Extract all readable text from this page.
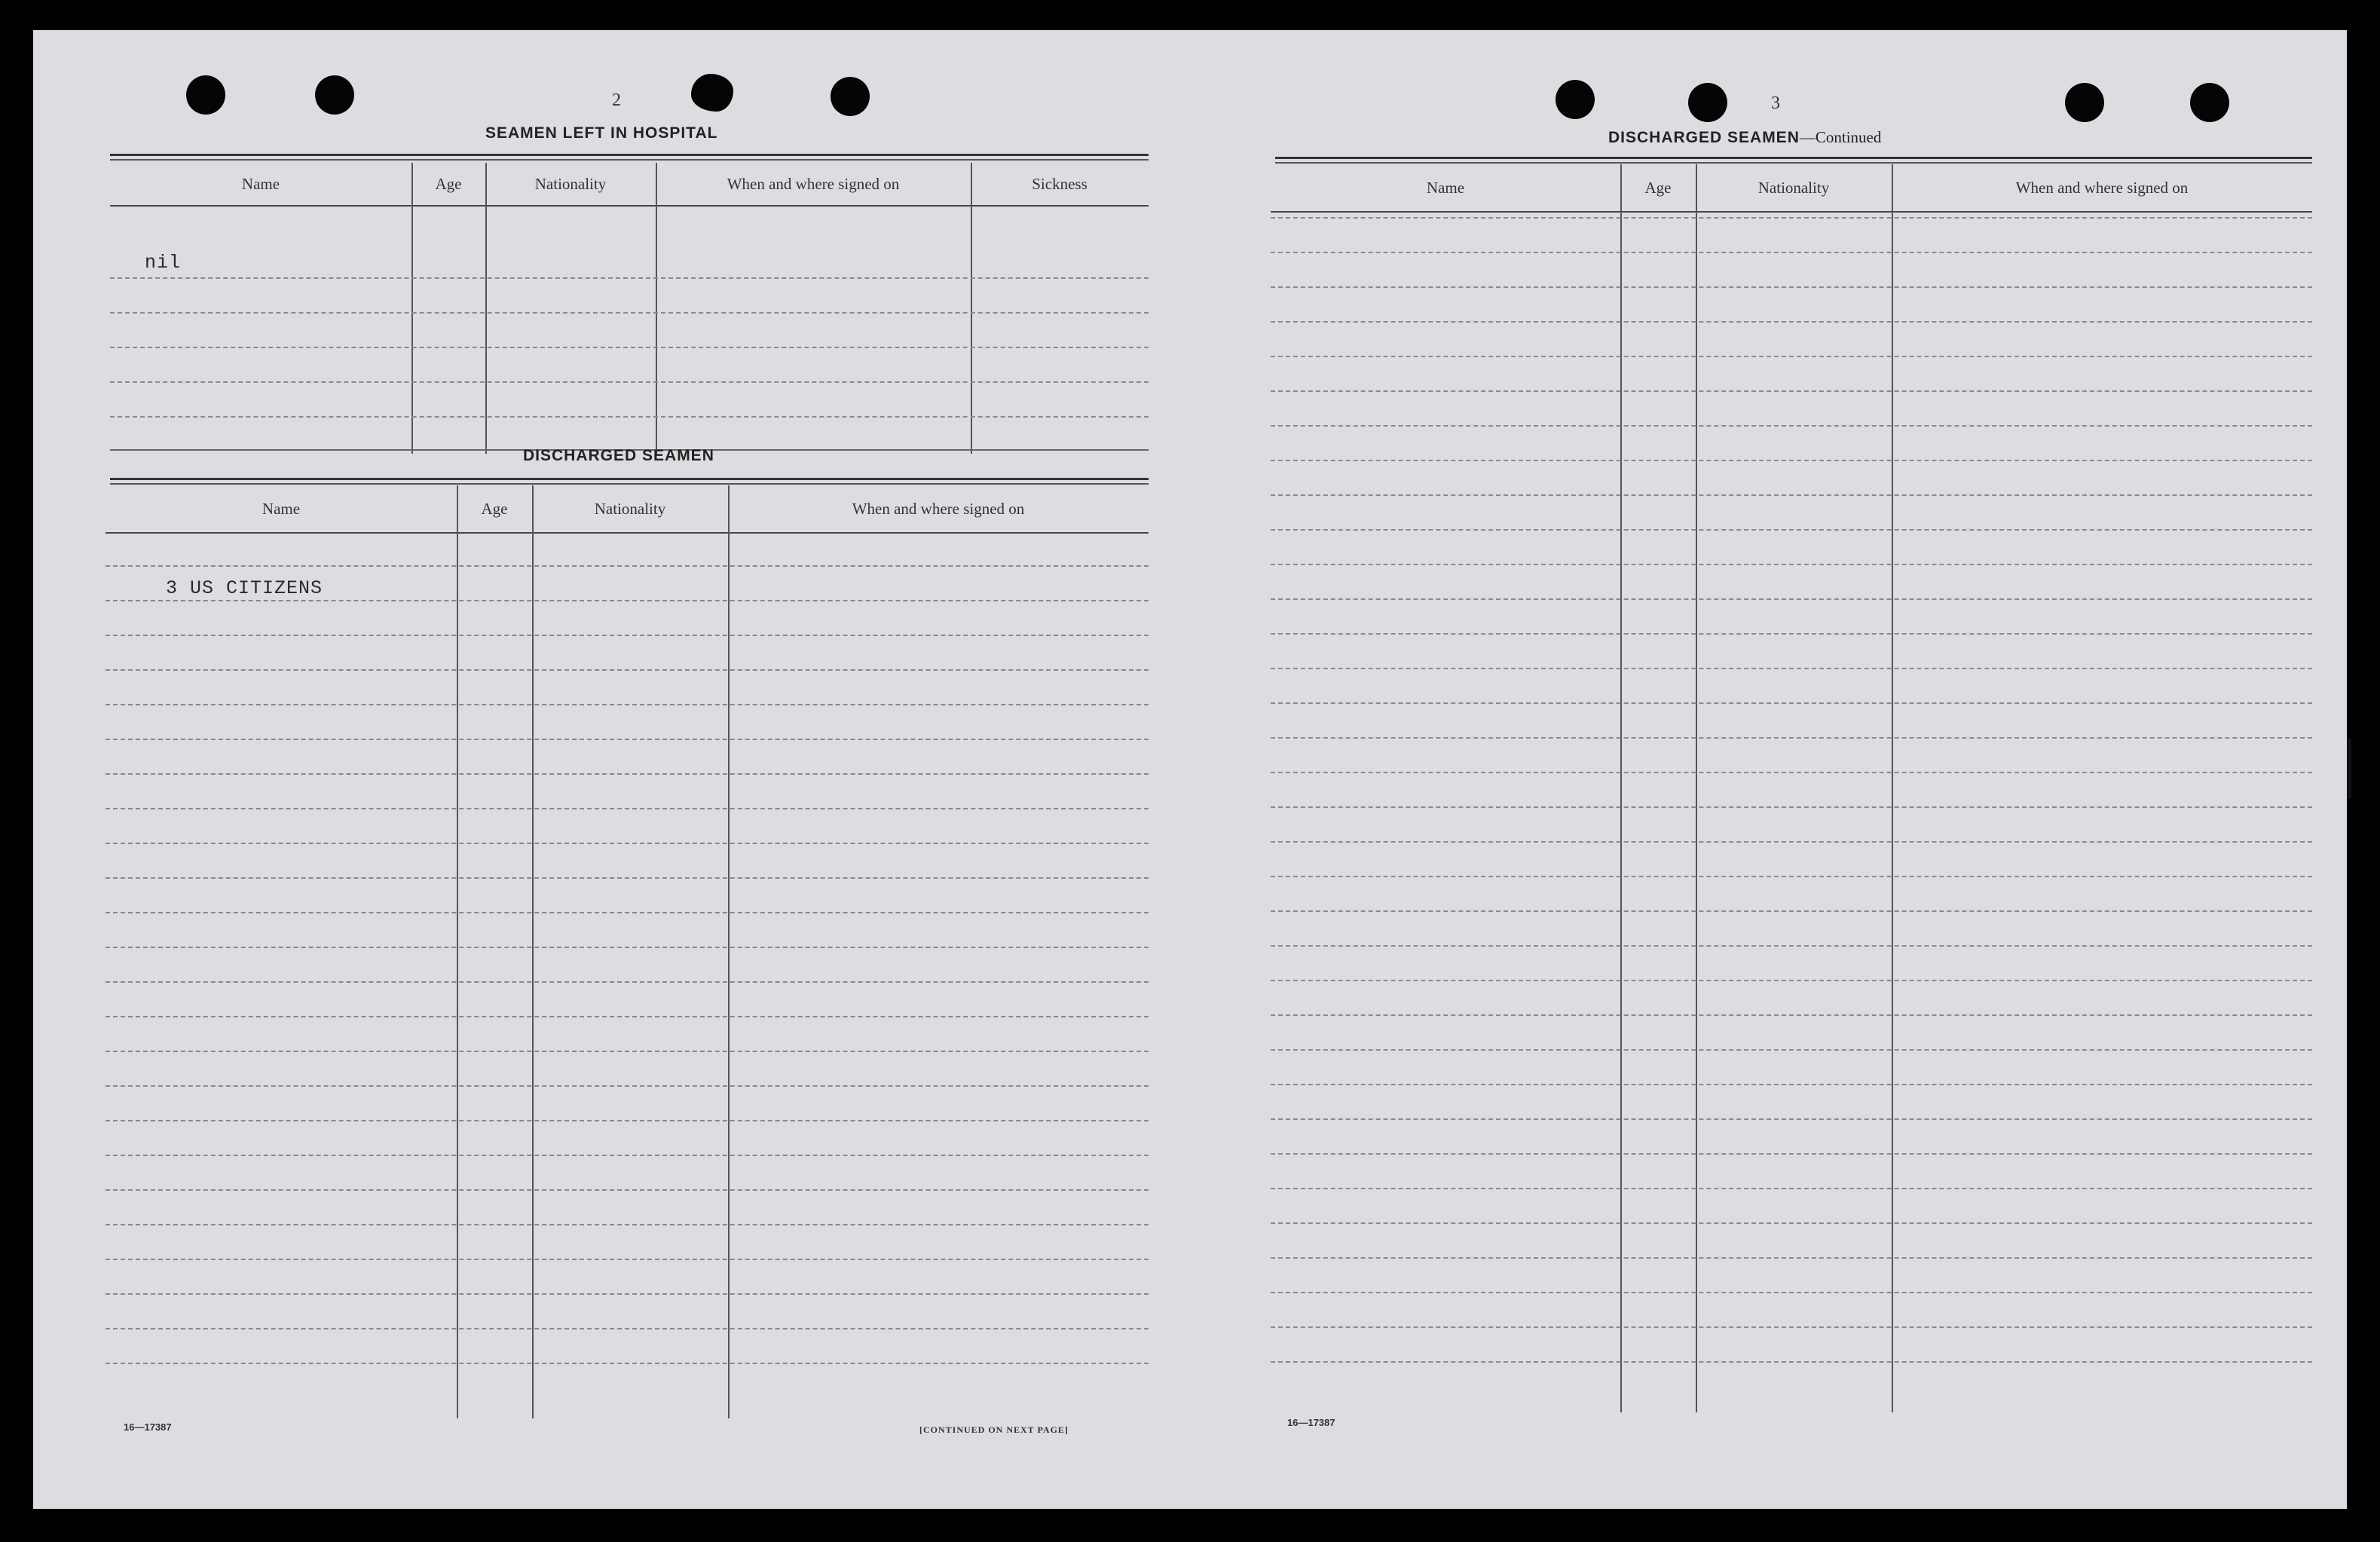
2
SEAMEN LEFT IN HOSPITAL
Name	Age	Nationality	When and where signed on	Sickness
nil
DISCHARGED SEAMEN
Name	Age	Nationality	When and where signed on
3 US CITIZENS
16—17387	[CONTINUED ON NEXT PAGE]
3
DISCHARGED SEAMEN—Continued
Name	Age	Nationality	When and where signed on
16—17387
